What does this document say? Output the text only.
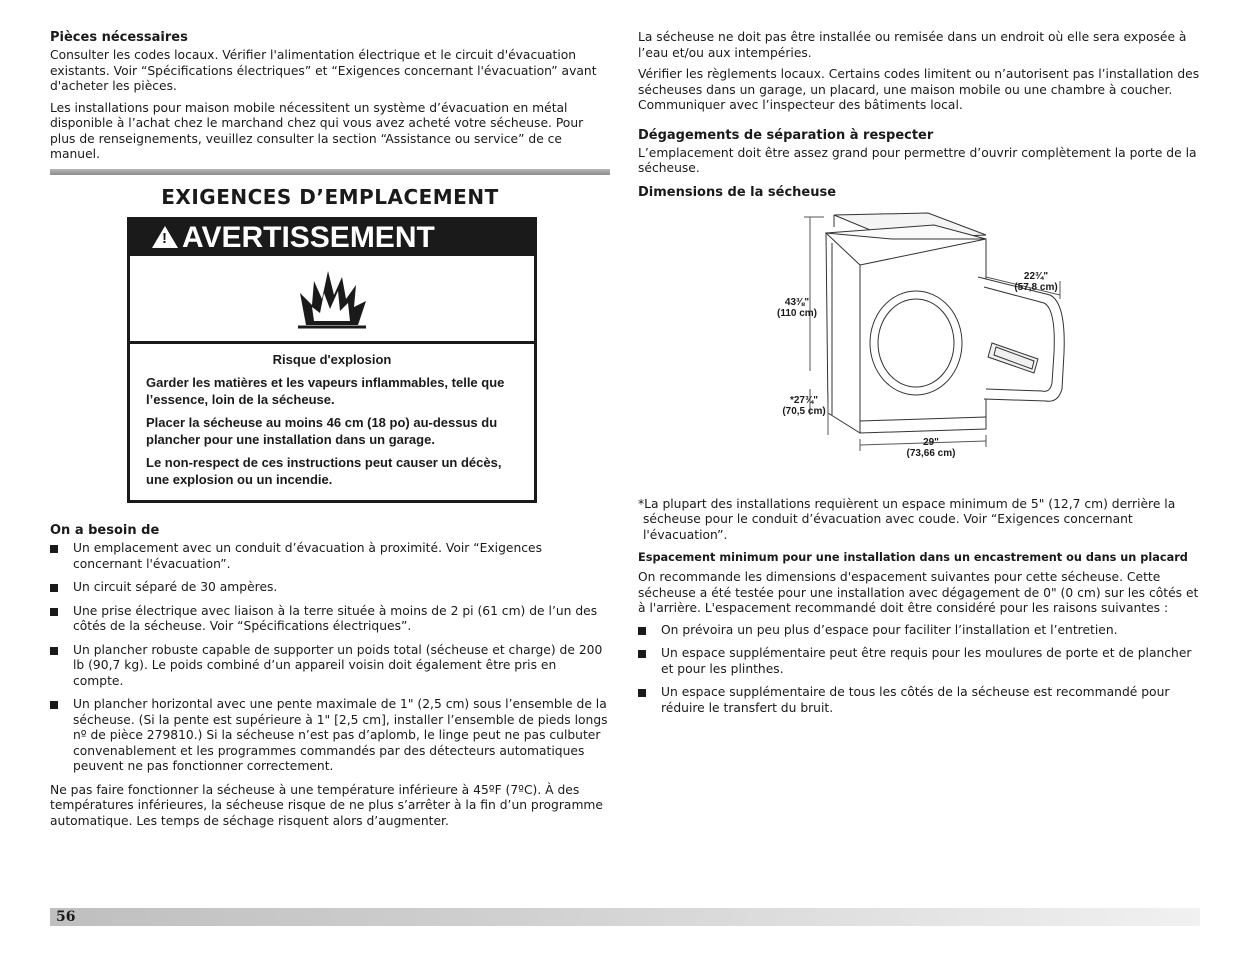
Pièces nécessaires

Consulter les codes locaux. Vérifier l'alimentation électrique et le circuit d'évacuation existants. Voir “Spécifications électriques” et “Exigences concernant l'évacuation” avant d'acheter les pièces.

Les installations pour maison mobile nécessitent un système d’évacuation en métal disponible à l’achat chez le marchand chez qui vous avez acheté votre sécheuse. Pour plus de renseignements, veuillez consulter la section “Assistance ou service” de ce manuel.

EXIGENCES D’EMPLACEMENT
! AVERTISSEMENT
Risque d'explosion

Garder les matières et les vapeurs inflammables, telle que l’essence, loin de la sécheuse.

Placer la sécheuse au moins 46 cm (18 po) au-dessus du plancher pour une installation dans un garage.

Le non-respect de ces instructions peut causer un décès, une explosion ou un incendie.

On a besoin de
Un emplacement avec un conduit d’évacuation à proximité. Voir “Exigences concernant l'évacuation”.
Un circuit séparé de 30 ampères.
Une prise électrique avec liaison à la terre située à moins de 2 pi (61 cm) de l’un des côtés de la sécheuse. Voir “Spécifications électriques”.
Un plancher robuste capable de supporter un poids total (sécheuse et charge) de 200 lb (90,7 kg). Le poids combiné d’un appareil voisin doit également être pris en compte.
Un plancher horizontal avec une pente maximale de 1" (2,5 cm) sous l’ensemble de la sécheuse. (Si la pente est supérieure à 1" [2,5 cm], installer l’ensemble de pieds longs nº de pièce 279810.) Si la sécheuse n’est pas d’aplomb, le linge peut ne pas culbuter convenablement et les programmes commandés par des détecteurs automatiques peuvent ne pas fonctionner correctement.

Ne pas faire fonctionner la sécheuse à une température inférieure à 45ºF (7ºC). À des températures inférieures, la sécheuse risque de ne plus s’arrêter à la fin d’un programme automatique. Les temps de séchage risquent alors d’augmenter.

La sécheuse ne doit pas être installée ou remisée dans un endroit où elle sera exposée à l’eau et/ou aux intempéries.

Vérifier les règlements locaux. Certains codes limitent ou n’autorisent pas l’installation des sécheuses dans un garage, un placard, une maison mobile ou une chambre à coucher. Communiquer avec l’inspecteur des bâtiments local.

Dégagements de séparation à respecter

L’emplacement doit être assez grand pour permettre d’ouvrir complètement la porte de la sécheuse.

Dimensions de la sécheuse
43⅜"
(110 cm)
*27¾"
(70,5 cm)
29"
(73,66 cm)
22¾"
(57,8 cm)

*La plupart des installations requièrent un espace minimum de 5" (12,7 cm) derrière la sécheuse pour le conduit d’évacuation avec coude. Voir “Exigences concernant l'évacuation”.

Espacement minimum pour une installation dans un encastrement ou dans un placard

On recommande les dimensions d'espacement suivantes pour cette sécheuse. Cette sécheuse a été testée pour une installation avec dégagement de 0" (0 cm) sur les côtés et à l'arrière. L'espacement recommandé doit être considéré pour les raisons suivantes :

On prévoira un peu plus d’espace pour faciliter l’installation et l’entretien.
Un espace supplémentaire peut être requis pour les moulures de porte et de plancher et pour les plinthes.
Un espace supplémentaire de tous les côtés de la sécheuse est recommandé pour réduire le transfert du bruit.
56
